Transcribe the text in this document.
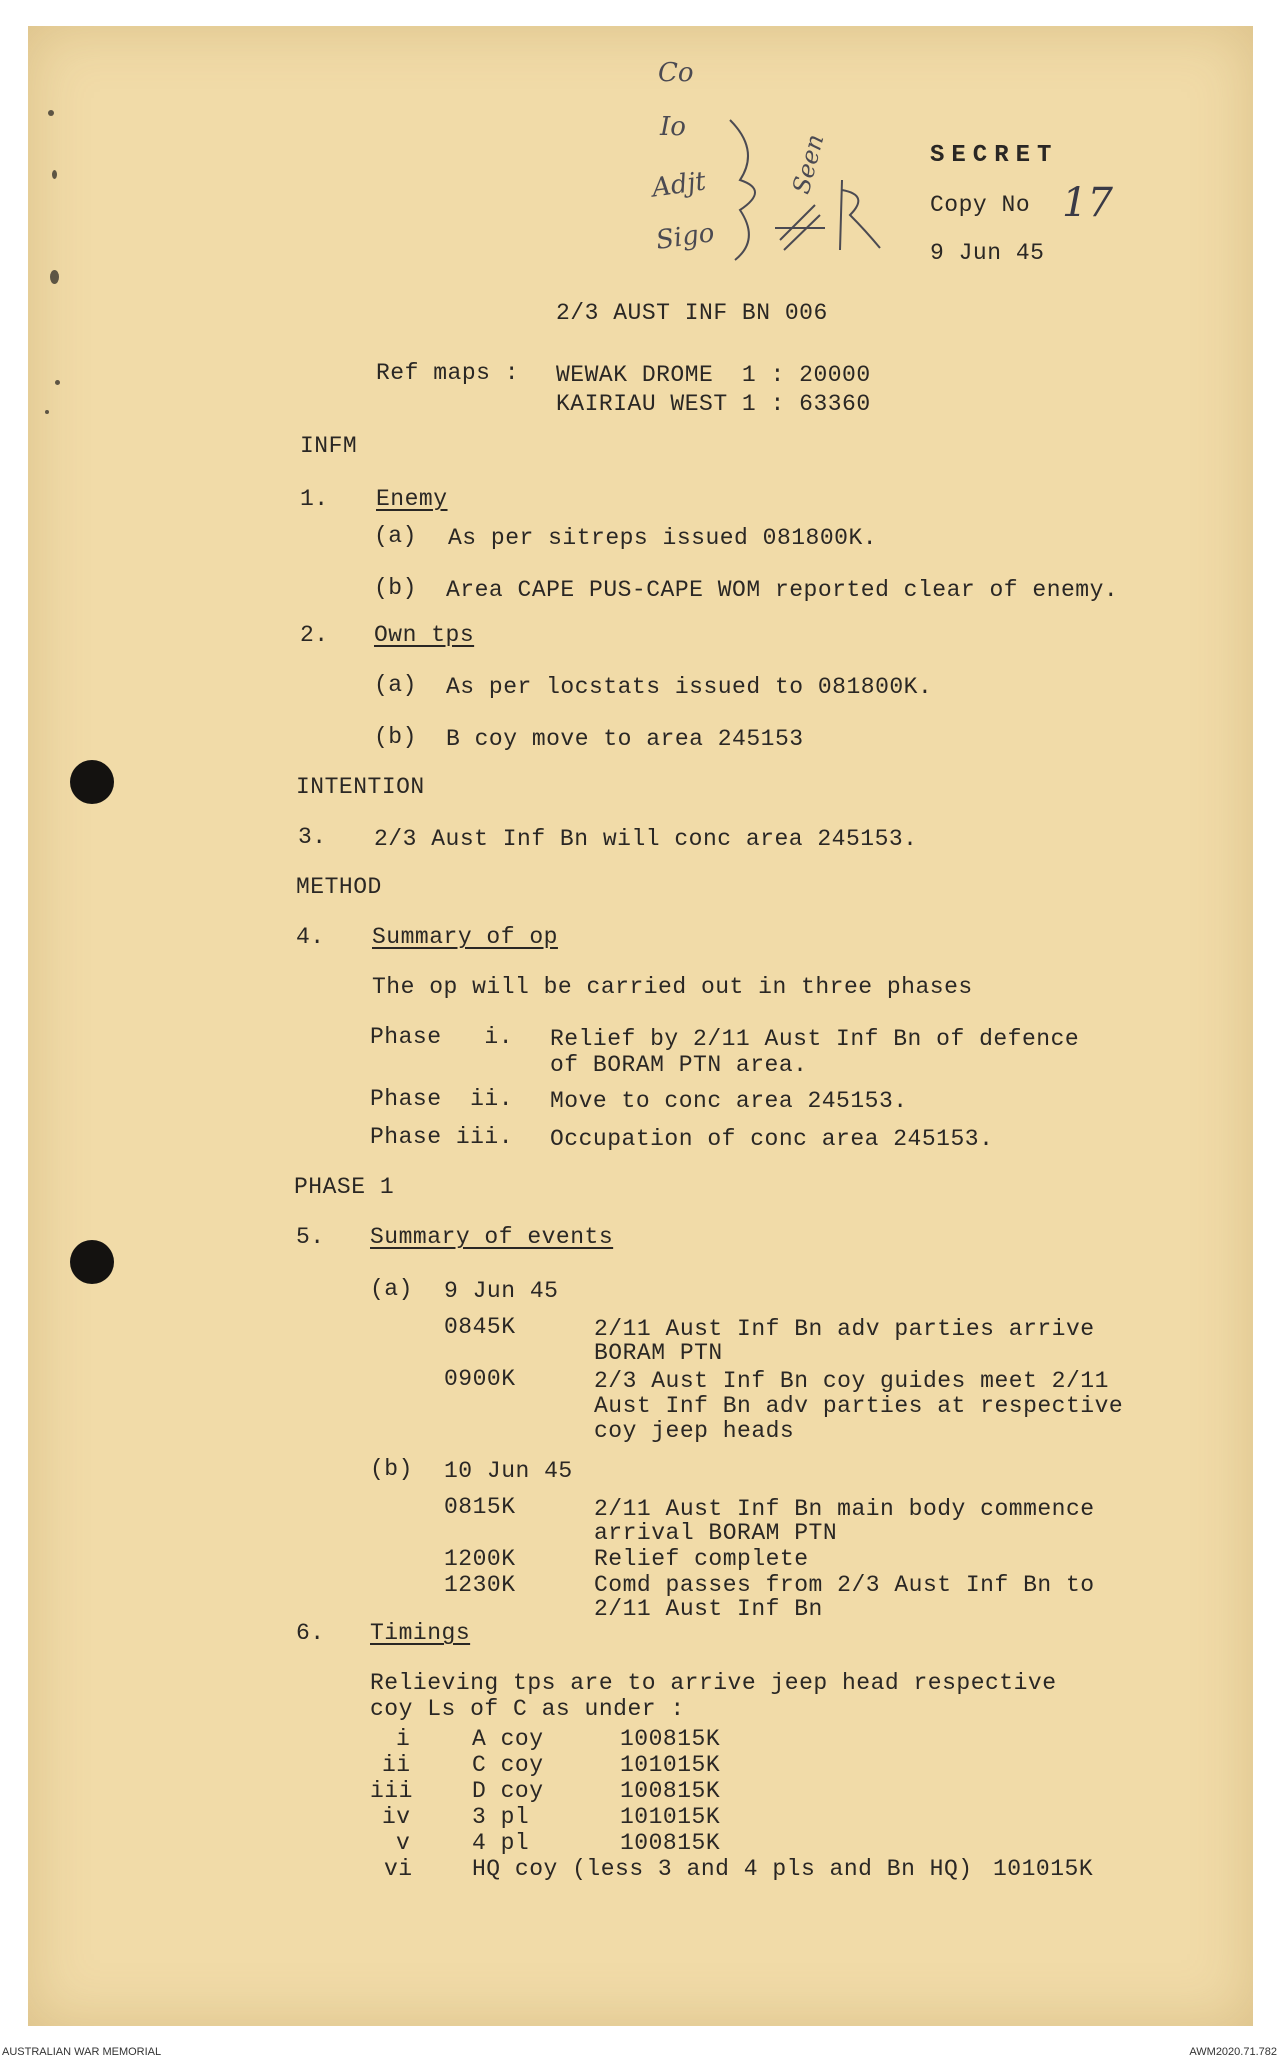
Co
Io
Adjt
Sigo
Seen	SECRET
Copy No 17
9 Jun 45
2/3 AUST INF BN 006
Ref maps : WEWAK DROME  1 : 20000
KAIRIAU WEST 1 : 63360
INFM
1. Enemy
(a) As per sitreps issued 081800K.
(b) Area CAPE PUS-CAPE WOM reported clear of enemy.
2. Own tps
(a) As per locstats issued to 081800K.
(b) B coy move to area 245153
INTENTION
3. 2/3 Aust Inf Bn will conc area 245153.
METHOD
4. Summary of op
The op will be carried out in three phases
Phase   i. Relief by 2/11 Aust Inf Bn of defence
of BORAM PTN area.
Phase  ii. Move to conc area 245153.
Phase iii. Occupation of conc area 245153.
PHASE 1
5. Summary of events
(a) 9 Jun 45
0845K	2/11 Aust Inf Bn adv parties arrive
BORAM PTN
0900K	2/3 Aust Inf Bn coy guides meet 2/11
Aust Inf Bn adv parties at respective
coy jeep heads
(b) 10 Jun 45
0815K	2/11 Aust Inf Bn main body commence
arrival BORAM PTN
1200K	Relief complete
1230K	Comd passes from 2/3 Aust Inf Bn to
2/11 Aust Inf Bn
6. Timings
Relieving tps are to arrive jeep head respective
coy Ls of C as under :
i	A coy	100815K
ii	C coy	101015K
iii	D coy	100815K
iv	3 pl	101015K
v	4 pl	100815K
vi	HQ coy (less 3 and 4 pls and Bn HQ) 101015K
AUSTRALIAN WAR MEMORIAL	AWM2020.71.782
